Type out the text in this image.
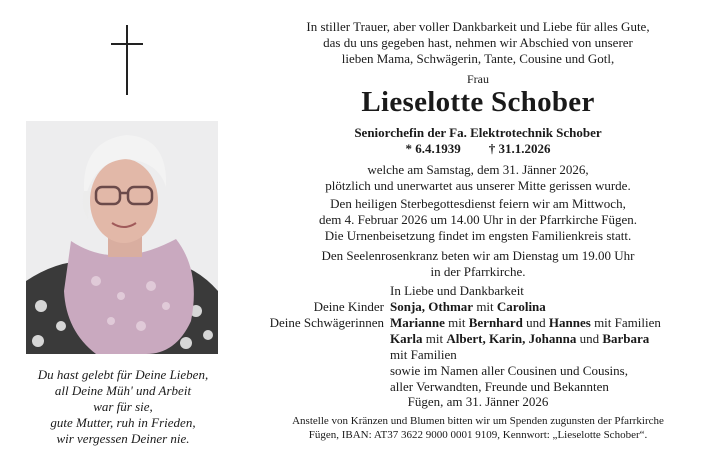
Du hast gelebt für Deine Lieben,
all Deine Müh' und Arbeit
war für sie,
gute Mutter, ruh in Frieden,
wir vergessen Deiner nie.
In stiller Trauer, aber voller Dankbarkeit und Liebe für alles Gute,
das du uns gegeben hast, nehmen wir Abschied von unserer
lieben Mama, Schwägerin, Tante, Cousine und Gotl,
Frau
Lieselotte Schober
Seniorchefin der Fa. Elektrotechnik Schober
* 6.4.1939 † 31.1.2026
welche am Samstag, dem 31. Jänner 2026,
plötzlich und unerwartet aus unserer Mitte gerissen wurde.
Den heiligen Sterbegottesdienst feiern wir am Mittwoch,
dem 4. Februar 2026 um 14.00 Uhr in der Pfarrkirche Fügen.
Die Urnenbeisetzung findet im engsten Familienkreis statt.
Den Seelenrosenkranz beten wir am Dienstag um 19.00 Uhr
in der Pfarrkirche.

Deine Kinder
Deine Schwägerinnen
In Liebe und Dankbarkeit
Sonja, Othmar mit Carolina
Marianne mit Bernhard und Hannes mit Familien
Karla mit Albert, Karin, Johanna und Barbara
mit Familien
sowie im Namen aller Cousinen und Cousins,
aller Verwandten, Freunde und Bekannten
Fügen, am 31. Jänner 2026
Anstelle von Kränzen und Blumen bitten wir um Spenden zugunsten der Pfarrkirche
Fügen, IBAN: AT37 3622 9000 0001 9109, Kennwort: „Lieselotte Schober“.
